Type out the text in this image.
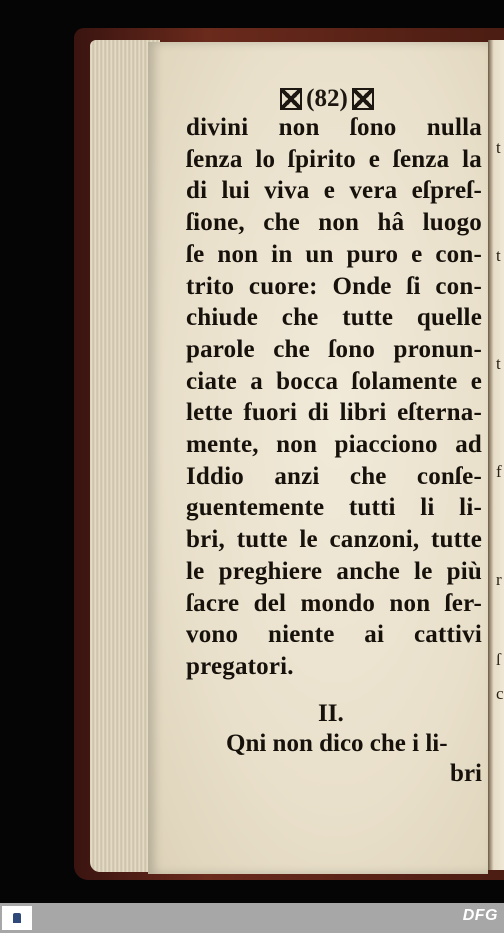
(82)
divini non ſono nulla
ſenza lo ſpirito e ſenza la
di lui viva e vera eſpreſ-
ſione, che non hâ luogo
ſe non in un puro e con-
trito cuore: Onde ſi con-
chiude che tutte quelle
parole che ſono pronun-
ciate a bocca ſolamente e
lette fuori di libri eſterna-
mente, non piacciono ad
Iddio anzi che conſe-
guentemente tutti li li-
bri, tutte le canzoni, tutte
le preghiere anche le più
ſacre del mondo non ſer-
vono niente ai cattivi
pregatori.
II.
Qni non dico che i li-
bri
t
t
t
f
r
ſ
c
DFG
